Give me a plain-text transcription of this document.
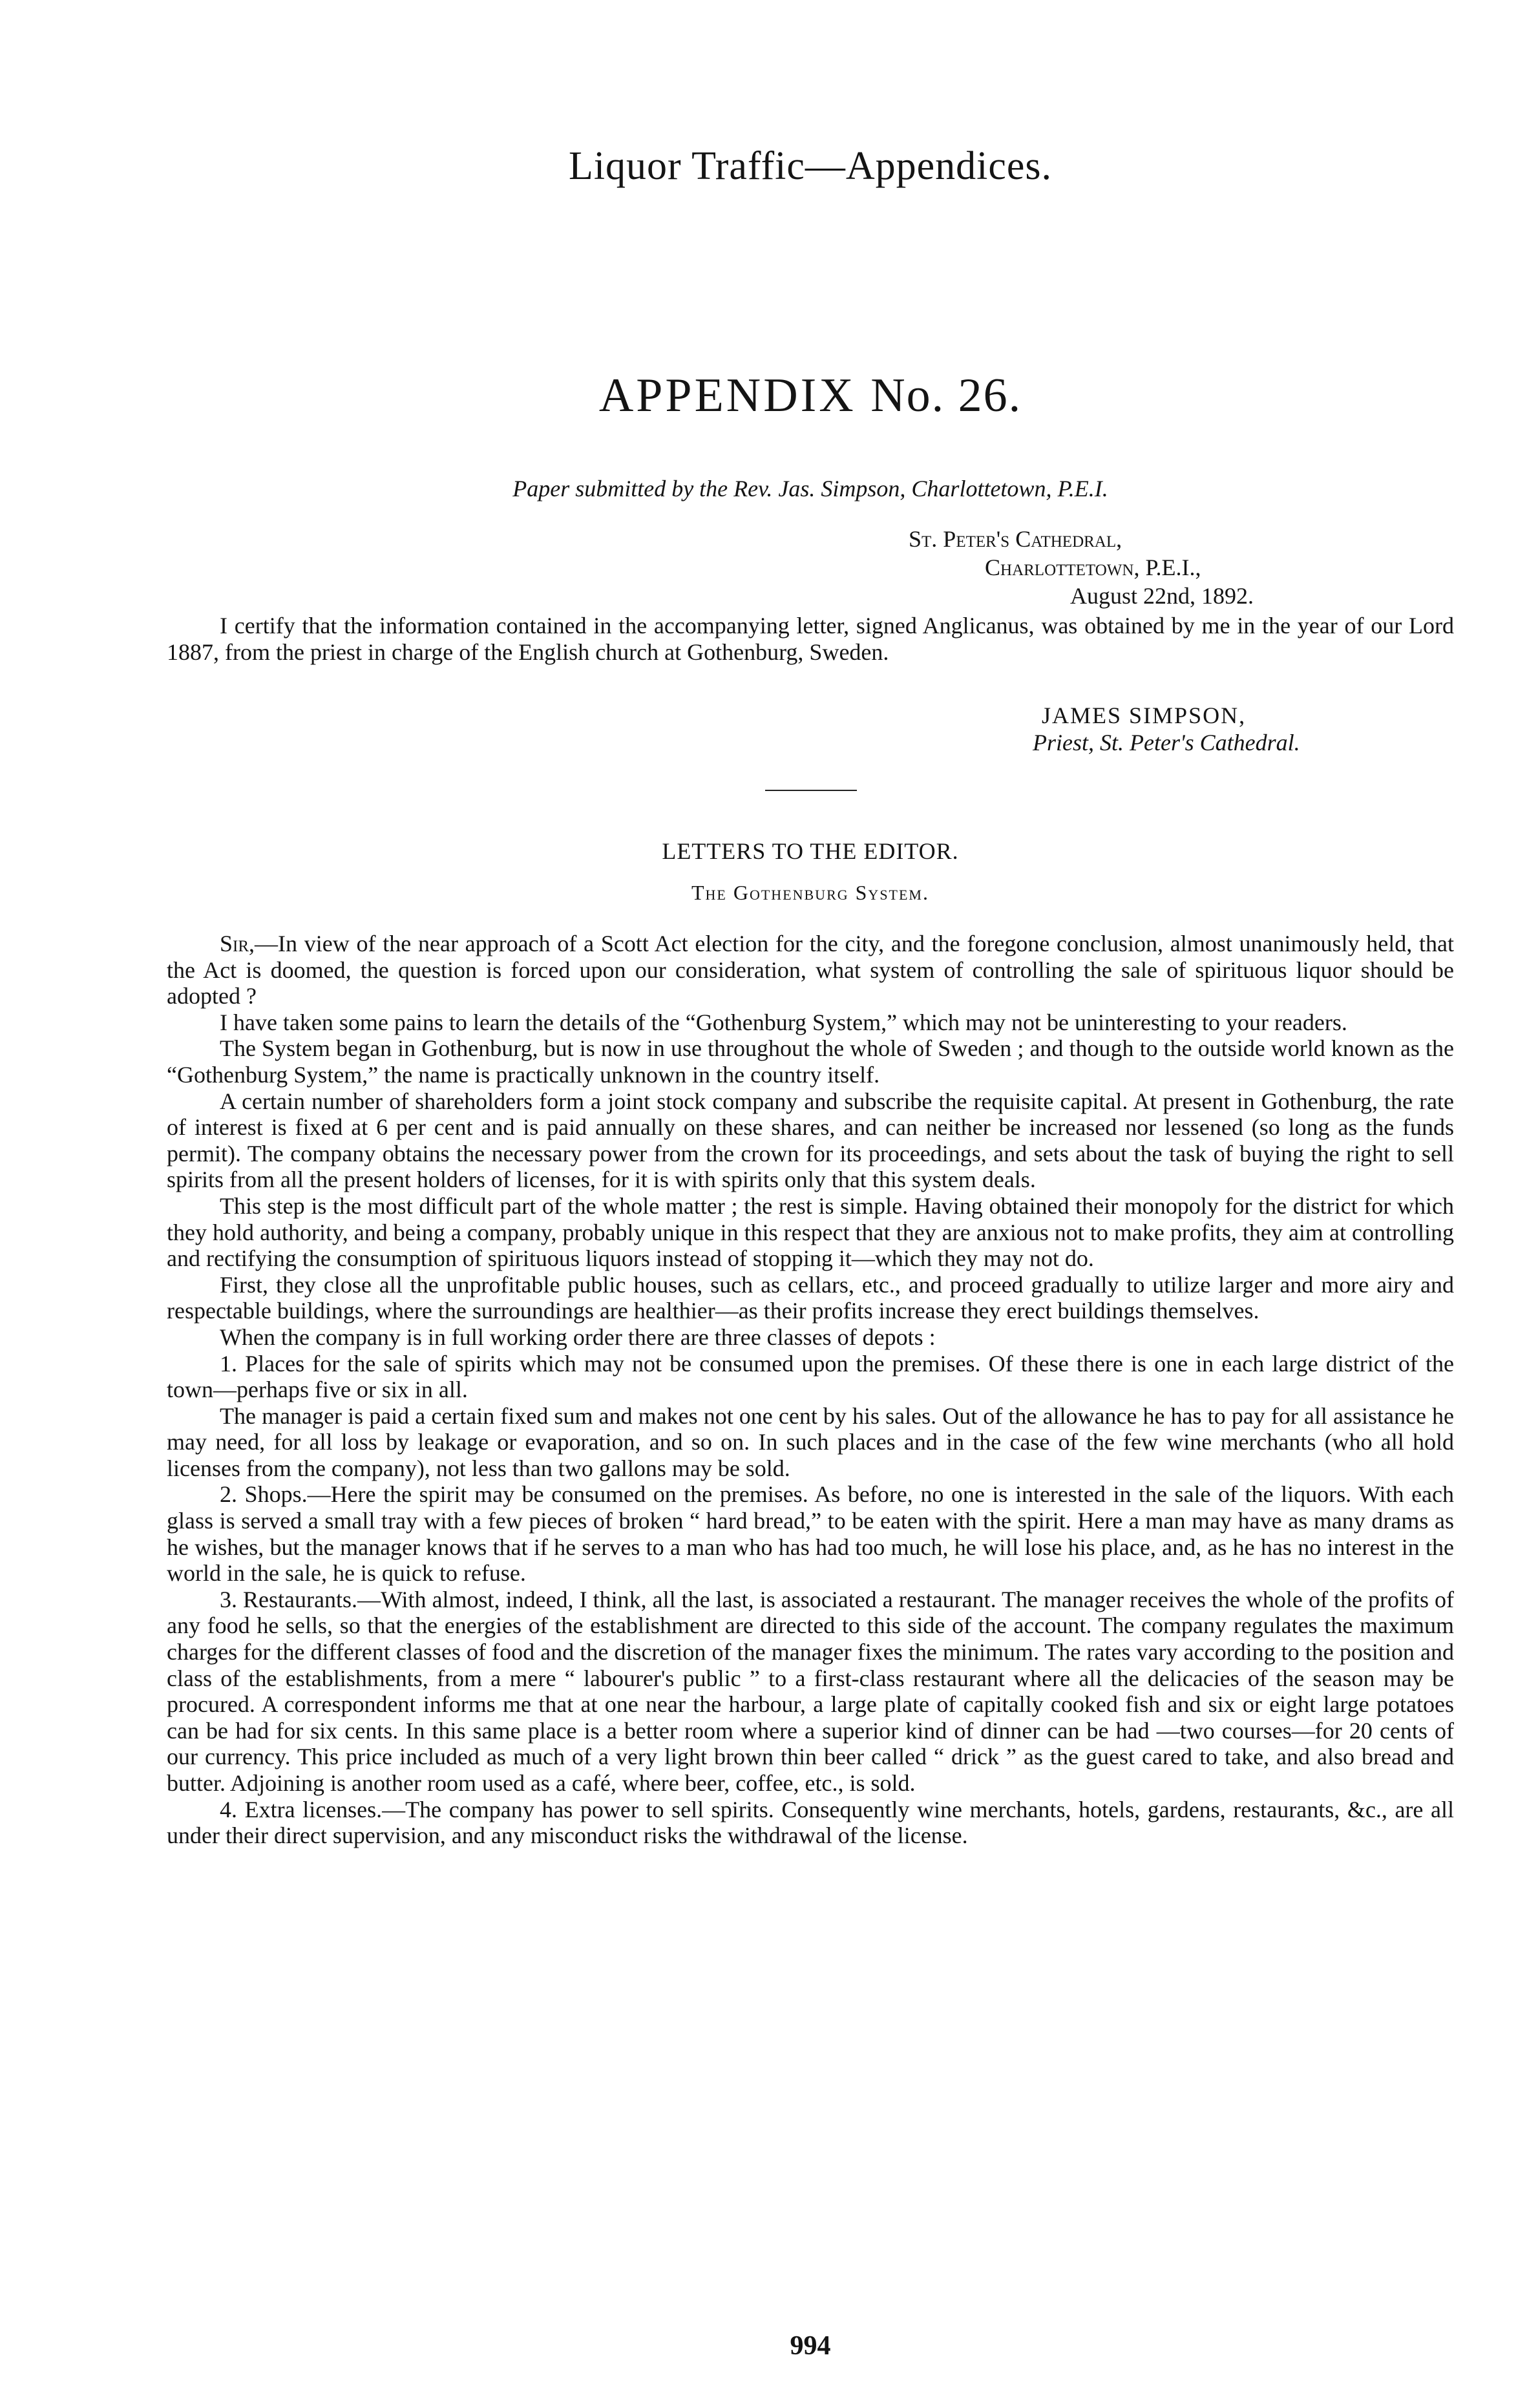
Liquor Traffic—Appendices.
APPENDIX No. 26.
Paper submitted by the Rev. Jas. Simpson, Charlottetown, P.E.I.
St. Peter's Cathedral,
Charlottetown, P.E.I.,
August 22nd, 1892.
I certify that the information contained in the accompanying letter, signed Anglicanus, was obtained by me in the year of our Lord 1887, from the priest in charge of the English church at Gothenburg, Sweden.
JAMES SIMPSON,
Priest, St. Peter's Cathedral.
LETTERS TO THE EDITOR.
The Gothenburg System.

Sir,—In view of the near approach of a Scott Act election for the city, and the foregone conclusion, almost unanimously held, that the Act is doomed, the question is forced upon our consideration, what system of controlling the sale of spirituous liquor should be adopted ?

I have taken some pains to learn the details of the “Gothenburg System,” which may not be uninteresting to your readers.

The System began in Gothenburg, but is now in use throughout the whole of Sweden ; and though to the outside world known as the “Gothenburg System,” the name is practically unknown in the country itself.

A certain number of shareholders form a joint stock company and subscribe the requisite capital. At present in Gothenburg, the rate of interest is fixed at 6 per cent and is paid annually on these shares, and can neither be increased nor lessened (so long as the funds permit). The company obtains the necessary power from the crown for its proceedings, and sets about the task of buying the right to sell spirits from all the present holders of licenses, for it is with spirits only that this system deals.

This step is the most difficult part of the whole matter ; the rest is simple. Having obtained their monopoly for the district for which they hold authority, and being a company, probably unique in this respect that they are anxious not to make profits, they aim at controlling and rectifying the consumption of spirituous liquors instead of stopping it—which they may not do.

First, they close all the unprofitable public houses, such as cellars, etc., and proceed gradually to utilize larger and more airy and respectable buildings, where the surroundings are healthier—as their profits increase they erect buildings themselves.

When the company is in full working order there are three classes of depots :

1. Places for the sale of spirits which may not be consumed upon the premises. Of these there is one in each large district of the town—perhaps five or six in all.

The manager is paid a certain fixed sum and makes not one cent by his sales. Out of the allowance he has to pay for all assistance he may need, for all loss by leakage or evaporation, and so on. In such places and in the case of the few wine merchants (who all hold licenses from the company), not less than two gallons may be sold.

2. Shops.—Here the spirit may be consumed on the premises. As before, no one is interested in the sale of the liquors. With each glass is served a small tray with a few pieces of broken “ hard bread,” to be eaten with the spirit. Here a man may have as many drams as he wishes, but the manager knows that if he serves to a man who has had too much, he will lose his place, and, as he has no interest in the world in the sale, he is quick to refuse.

3. Restaurants.—With almost, indeed, I think, all the last, is associated a restaurant. The manager receives the whole of the profits of any food he sells, so that the energies of the establishment are directed to this side of the account. The company regulates the maximum charges for the different classes of food and the discretion of the manager fixes the minimum. The rates vary according to the position and class of the establishments, from a mere “ labourer's public ” to a first-class restaurant where all the delicacies of the season may be procured. A correspondent informs me that at one near the harbour, a large plate of capitally cooked fish and six or eight large potatoes can be had for six cents. In this same place is a better room where a superior kind of dinner can be had —two courses—for 20 cents of our currency. This price included as much of a very light brown thin beer called “ drick ” as the guest cared to take, and also bread and butter. Adjoining is another room used as a café, where beer, coffee, etc., is sold.

4. Extra licenses.—The company has power to sell spirits. Consequently wine merchants, hotels, gardens, restaurants, &c., are all under their direct supervision, and any misconduct risks the withdrawal of the license.

994
